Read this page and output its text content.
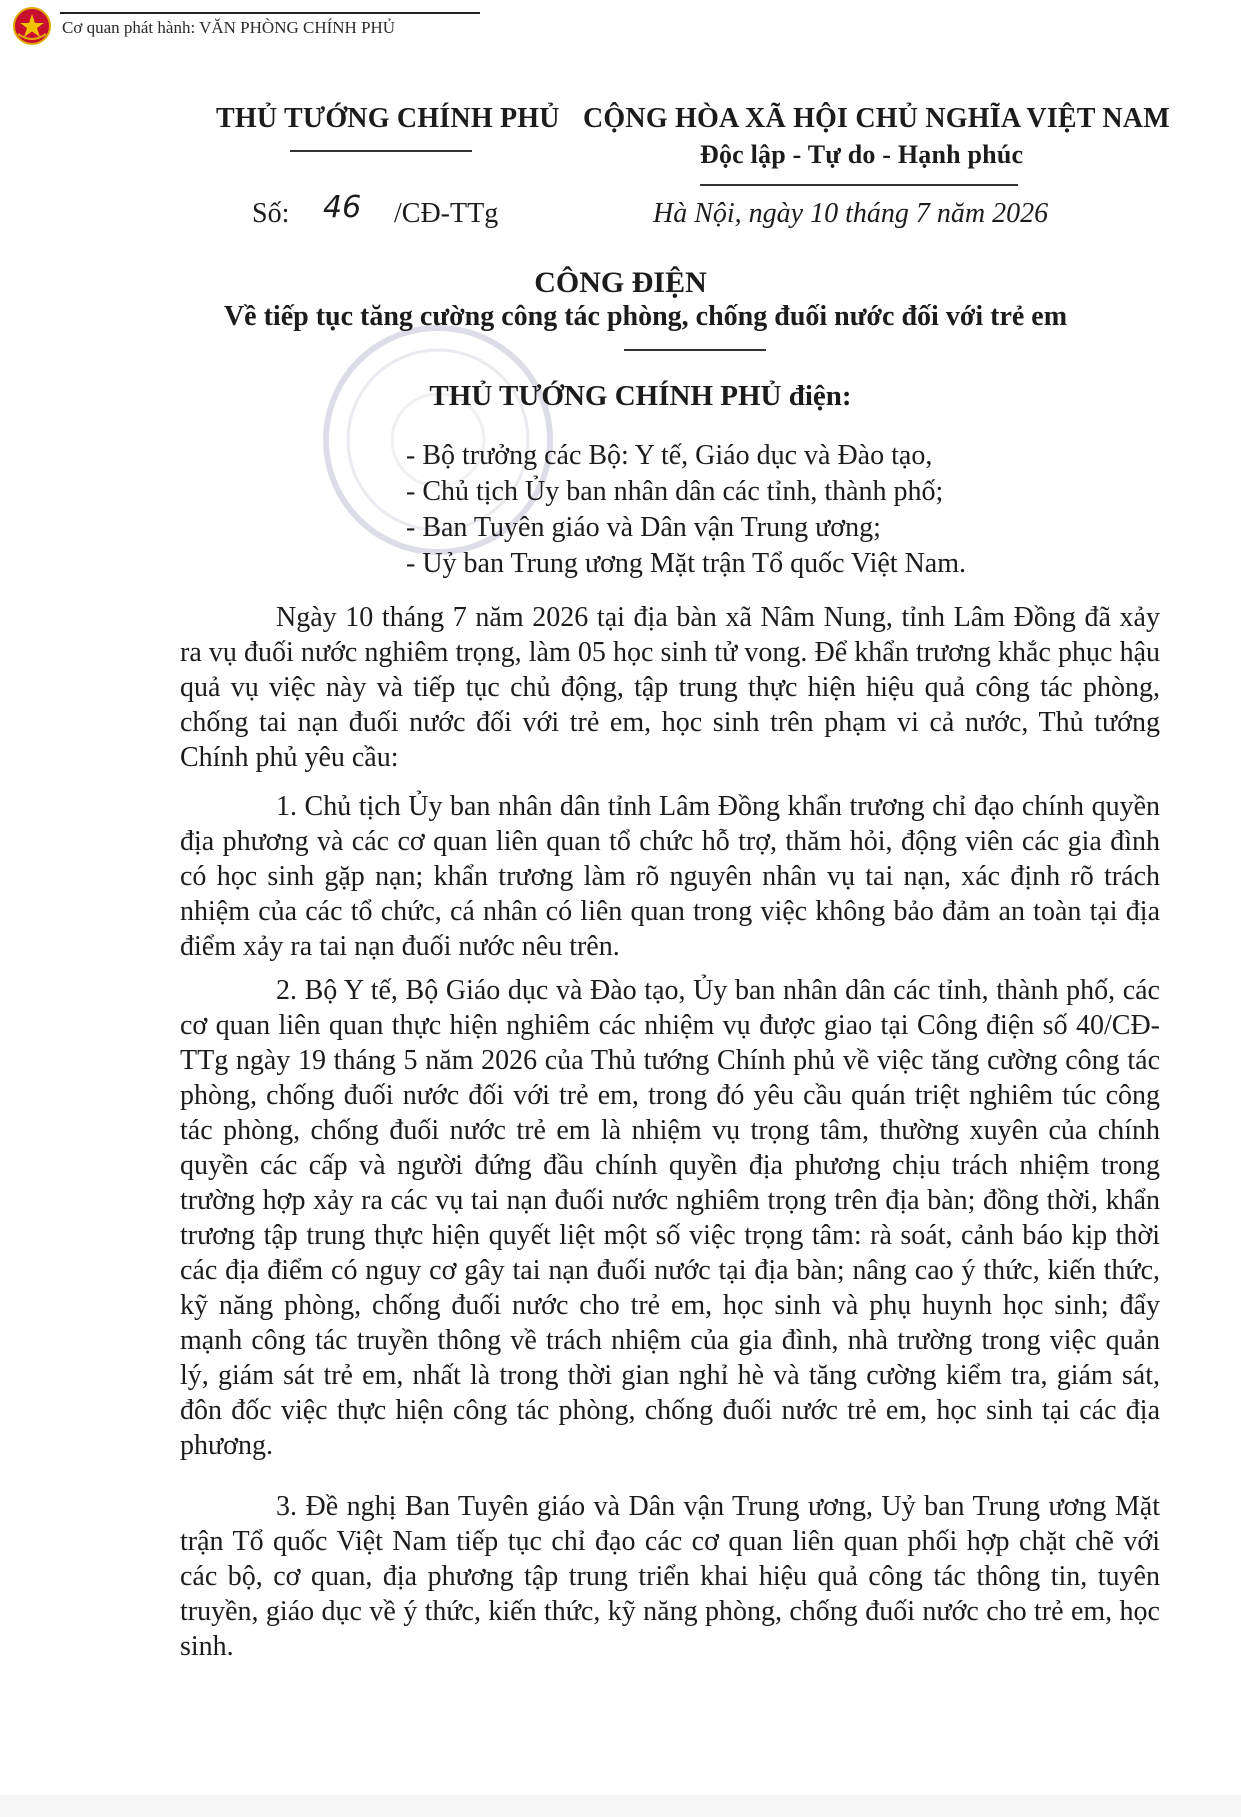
Cơ quan phát hành: VĂN PHÒNG CHÍNH PHỦ
THỦ TƯỚNG CHÍNH PHỦ CỘNG HÒA XÃ HỘI CHỦ NGHĨA VIỆT NAM
Độc lập - Tự do - Hạnh phúc
Số: 46 /CĐ-TTg	Hà Nội, ngày 10 tháng 7 năm 2026
CÔNG ĐIỆN
Về tiếp tục tăng cường công tác phòng, chống đuối nước đối với trẻ em
THỦ TƯỚNG CHÍNH PHỦ điện:
- Bộ trưởng các Bộ: Y tế, Giáo dục và Đào tạo,
- Chủ tịch Ủy ban nhân dân các tỉnh, thành phố;
- Ban Tuyên giáo và Dân vận Trung ương;
- Uỷ ban Trung ương Mặt trận Tổ quốc Việt Nam.

Ngày 10 tháng 7 năm 2026 tại địa bàn xã Nâm Nung, tỉnh Lâm Đồng đã xảy ra vụ đuối nước nghiêm trọng, làm 05 học sinh tử vong. Để khẩn trương khắc phục hậu quả vụ việc này và tiếp tục chủ động, tập trung thực hiện hiệu quả công tác phòng, chống tai nạn đuối nước đối với trẻ em, học sinh trên phạm vi cả nước, Thủ tướng Chính phủ yêu cầu:

1. Chủ tịch Ủy ban nhân dân tỉnh Lâm Đồng khẩn trương chỉ đạo chính quyền địa phương và các cơ quan liên quan tổ chức hỗ trợ, thăm hỏi, động viên các gia đình có học sinh gặp nạn; khẩn trương làm rõ nguyên nhân vụ tai nạn, xác định rõ trách nhiệm của các tổ chức, cá nhân có liên quan trong việc không bảo đảm an toàn tại địa điểm xảy ra tai nạn đuối nước nêu trên.

2. Bộ Y tế, Bộ Giáo dục và Đào tạo, Ủy ban nhân dân các tỉnh, thành phố, các cơ quan liên quan thực hiện nghiêm các nhiệm vụ được giao tại Công điện số 40/CĐ-TTg ngày 19 tháng 5 năm 2026 của Thủ tướng Chính phủ về việc tăng cường công tác phòng, chống đuối nước đối với trẻ em, trong đó yêu cầu quán triệt nghiêm túc công tác phòng, chống đuối nước trẻ em là nhiệm vụ trọng tâm, thường xuyên của chính quyền các cấp và người đứng đầu chính quyền địa phương chịu trách nhiệm trong trường hợp xảy ra các vụ tai nạn đuối nước nghiêm trọng trên địa bàn; đồng thời, khẩn trương tập trung thực hiện quyết liệt một số việc trọng tâm: rà soát, cảnh báo kịp thời các địa điểm có nguy cơ gây tai nạn đuối nước tại địa bàn; nâng cao ý thức, kiến thức, kỹ năng phòng, chống đuối nước cho trẻ em, học sinh và phụ huynh học sinh; đẩy mạnh công tác truyền thông về trách nhiệm của gia đình, nhà trường trong việc quản lý, giám sát trẻ em, nhất là trong thời gian nghỉ hè và tăng cường kiểm tra, giám sát, đôn đốc việc thực hiện công tác phòng, chống đuối nước trẻ em, học sinh tại các địa phương.

3. Đề nghị Ban Tuyên giáo và Dân vận Trung ương, Uỷ ban Trung ương Mặt trận Tổ quốc Việt Nam tiếp tục chỉ đạo các cơ quan liên quan phối hợp chặt chẽ với các bộ, cơ quan, địa phương tập trung triển khai hiệu quả công tác thông tin, tuyên truyền, giáo dục về ý thức, kiến thức, kỹ năng phòng, chống đuối nước cho trẻ em, học sinh.
